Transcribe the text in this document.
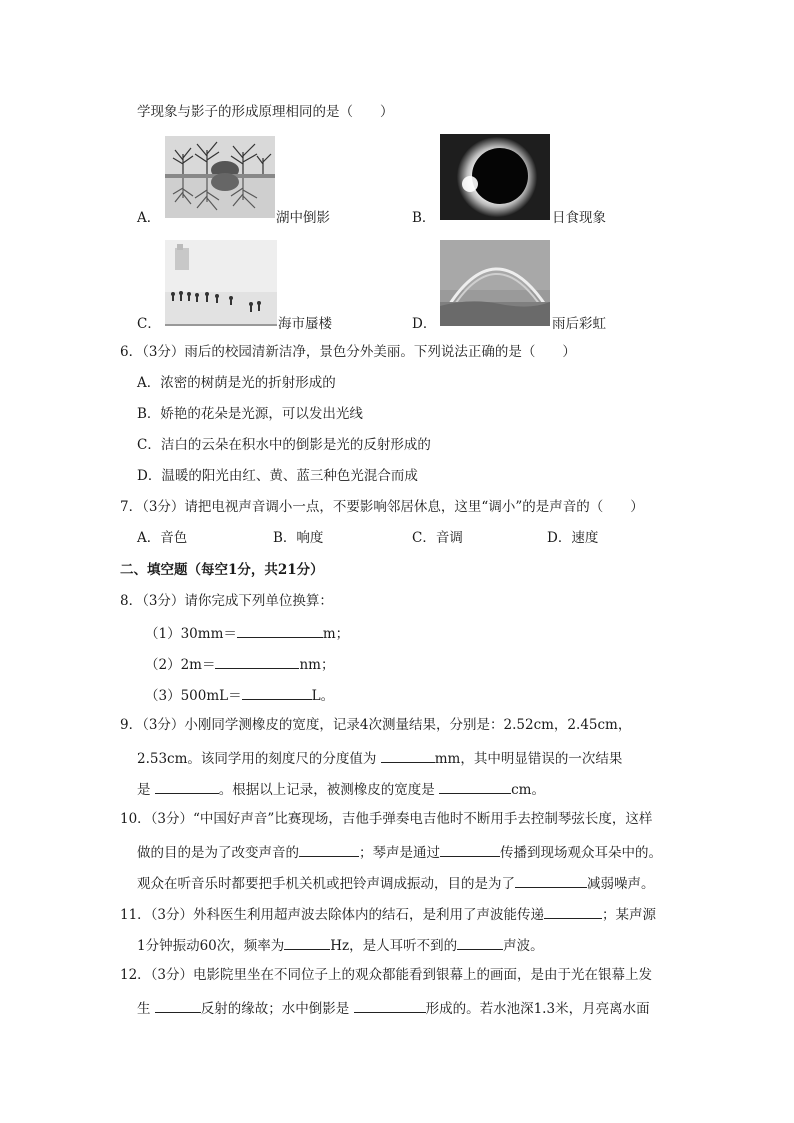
学现象与影子的形成原理相同的是（　　）
A．	湖中倒影	B．	日食现象
C．	海市蜃楼	D．	雨后彩虹
6．（3分）雨后的校园清新洁净，景色分外美丽。下列说法正确的是（　　）
A．浓密的树荫是光的折射形成的
B．娇艳的花朵是光源，可以发出光线
C．洁白的云朵在积水中的倒影是光的反射形成的
D．温暖的阳光由红、黄、蓝三种色光混合而成
7．（3分）请把电视声音调小一点，不要影响邻居休息，这里“调小”的是声音的（　　）
A．音色	B．响度	C．音调	D．速度
二、填空题（每空1分，共21分）
8．（3分）请你完成下列单位换算：
（1）30mm＝	m；
（2）2m＝	nm；
（3）500mL＝	L。
9．（3分）小刚同学测橡皮的宽度，记录4次测量结果，分别是：2.52cm，2.45cm，
2.53cm。该同学用的刻度尺的分度值为	mm，其中明显错误的一次结果
是	。根据以上记录，被测橡皮的宽度是	cm。
10．（3分）“中国好声音”比赛现场，吉他手弹奏电吉他时不断用手去控制琴弦长度，这样
做的目的是为了改变声音的	；琴声是通过	传播到现场观众耳朵中的。
观众在听音乐时都要把手机关机或把铃声调成振动，目的是为了	减弱噪声。
11．（3分）外科医生利用超声波去除体内的结石，是利用了声波能传递	；某声源
1分钟振动60次，频率为	Hz，是人耳听不到的	声波。
12．（3分）电影院里坐在不同位子上的观众都能看到银幕上的画面，是由于光在银幕上发
生	反射的缘故；水中倒影是	形成的。若水池深1.3米，月亮离水面
